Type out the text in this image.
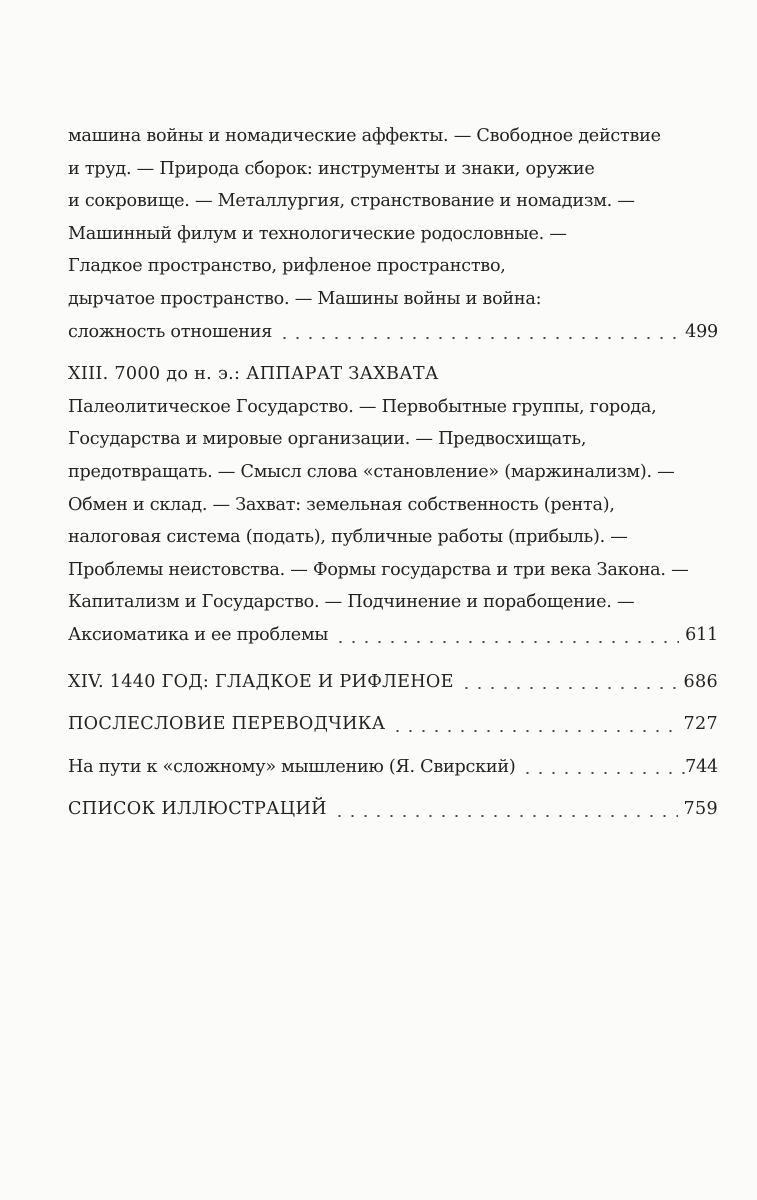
машина войны и номадические аффекты. — Свободное действие
и труд. — Природа сборок: инструменты и знаки, оружие
и сокровище. — Металлургия, странствование и номадизм. —
Машинный филум и технологические родословные. —
Гладкое пространство, рифленое пространство,
дырчатое пространство. — Машины войны и война:
сложность отношения	499
XIII. 7000 до н. э.: АППАРАТ ЗАХВАТА
Палеолитическое Государство. — Первобытные группы, города,
Государства и мировые организации. — Предвосхищать,
предотвращать. — Смысл слова «становление» (маржинализм). —
Обмен и склад. — Захват: земельная собственность (рента),
налоговая система (подать), публичные работы (прибыль). —
Проблемы неистовства. — Формы государства и три века Закона. —
Капитализм и Государство. — Подчинение и порабощение. —
Аксиоматика и ее проблемы	611
XIV. 1440 ГОД: ГЛАДКОЕ И РИФЛЕНОЕ	686
ПОСЛЕСЛОВИЕ ПЕРЕВОДЧИКА	727
На пути к «сложному» мышлению (Я. Свирский)	744
СПИСОК ИЛЛЮСТРАЦИЙ	759
